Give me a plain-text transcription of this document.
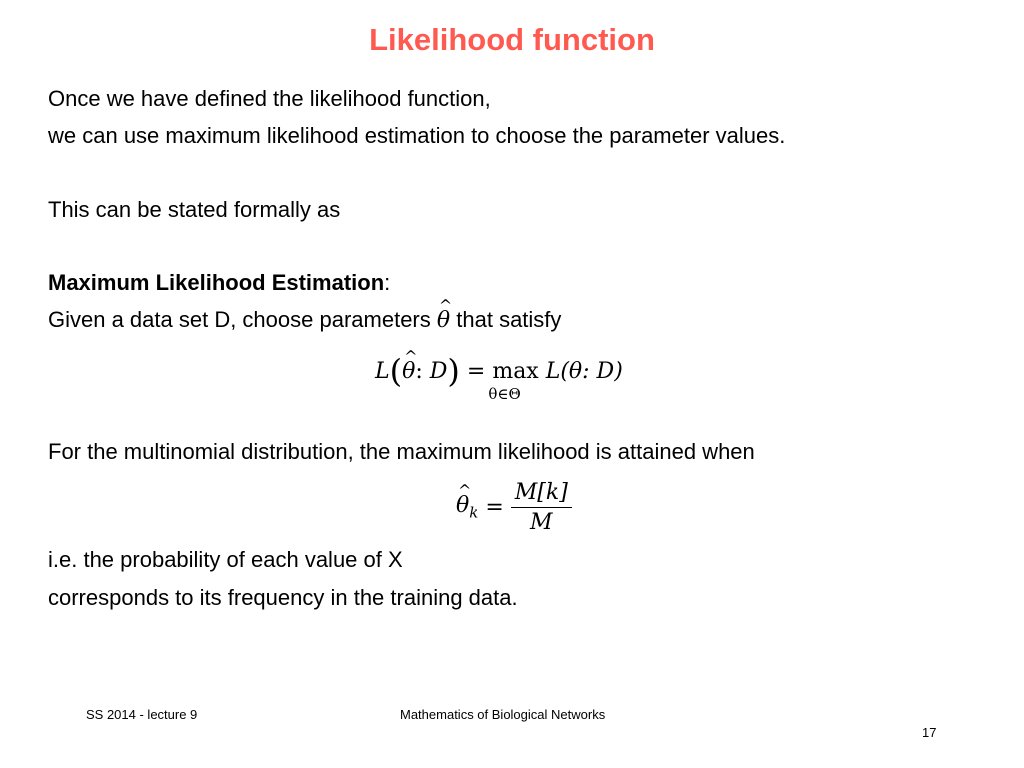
Likelihood function
Once we have defined the likelihood function,
we can use maximum likelihood estimation to choose the parameter values.
This can be stated formally as
Maximum Likelihood Estimation:
Given a data set D, choose parameters ^ θ that satisfy
L(^ θ: D) = max
θ∈Θ
L(θ: D)
For the multinomial distribution, the maximum likelihood is attained when
^ $\theta_k = \frac{M[k]}{M}$
i.e. the probability of each value of X
corresponds to its frequency in the training data.
SS 2014 - lecture 9	Mathematics of Biological Networks
17
